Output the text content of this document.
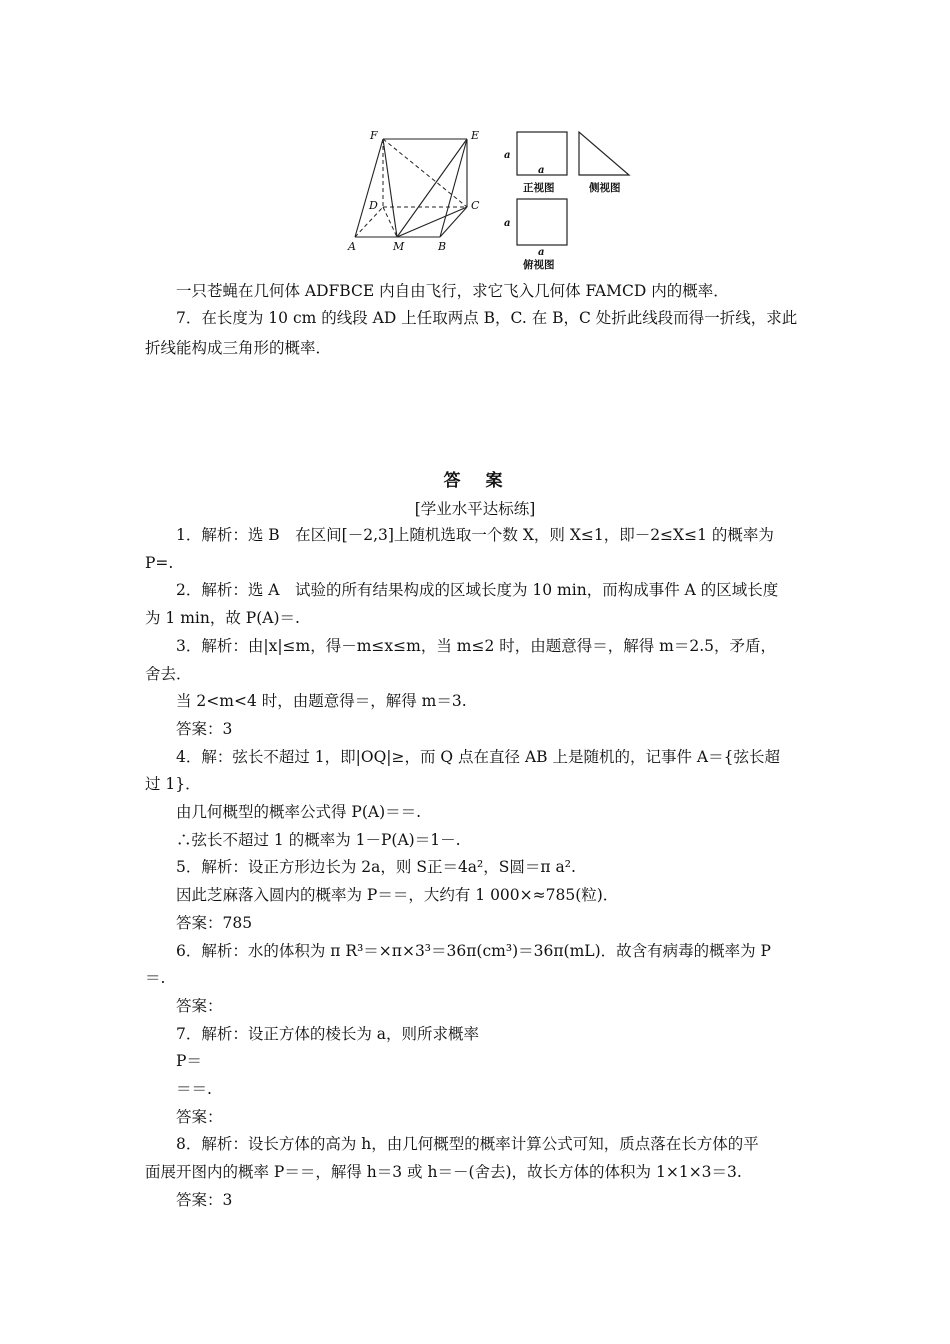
F	E
D	C
A	M	B
a
a
a
a
正视图	侧视图
俯视图
一只苍蝇在几何体 ADFBCE 内自由飞行，求它飞入几何体 FAMCD 内的概率．
7．在长度为 10 cm 的线段 AD 上任取两点 B，C. 在 B，C 处折此线段而得一折线，求此
折线能构成三角形的概率．
答　案
[学业水平达标练]
1．解析：选 B　在区间[－2,3]上随机选取一个数 X，则 X≤1，即－2≤X≤1 的概率为
P=.
2．解析：选 A　试验的所有结果构成的区域长度为 10 min，而构成事件 A 的区域长度
为 1 min，故 P(A)＝.
3．解析：由|x|≤m，得－m≤x≤m，当 m≤2 时，由题意得＝，解得 m＝2.5，矛盾，
舍去．
当 2<m<4 时，由题意得＝，解得 m＝3.
答案：3
4．解：弦长不超过 1，即|OQ|≥，而 Q 点在直径 AB 上是随机的，记事件 A＝{弦长超
过 1}．
由几何概型的概率公式得 P(A)＝＝.
∴弦长不超过 1 的概率为 1－P(A)＝1－.
5．解析：设正方形边长为 2a，则 S正＝4a²，S圆＝π a².
因此芝麻落入圆内的概率为 P＝＝，大约有 1 000×≈785(粒)．
答案：785
6．解析：水的体积为 π R³＝×π×3³＝36π(cm³)＝36π(mL)．故含有病毒的概率为 P
＝.
答案：
7．解析：设正方体的棱长为 a，则所求概率
P＝
＝＝.
答案：
8．解析：设长方体的高为 h，由几何概型的概率计算公式可知，质点落在长方体的平
面展开图内的概率 P＝＝，解得 h＝3 或 h＝－(舍去)，故长方体的体积为 1×1×3＝3.
答案：3
